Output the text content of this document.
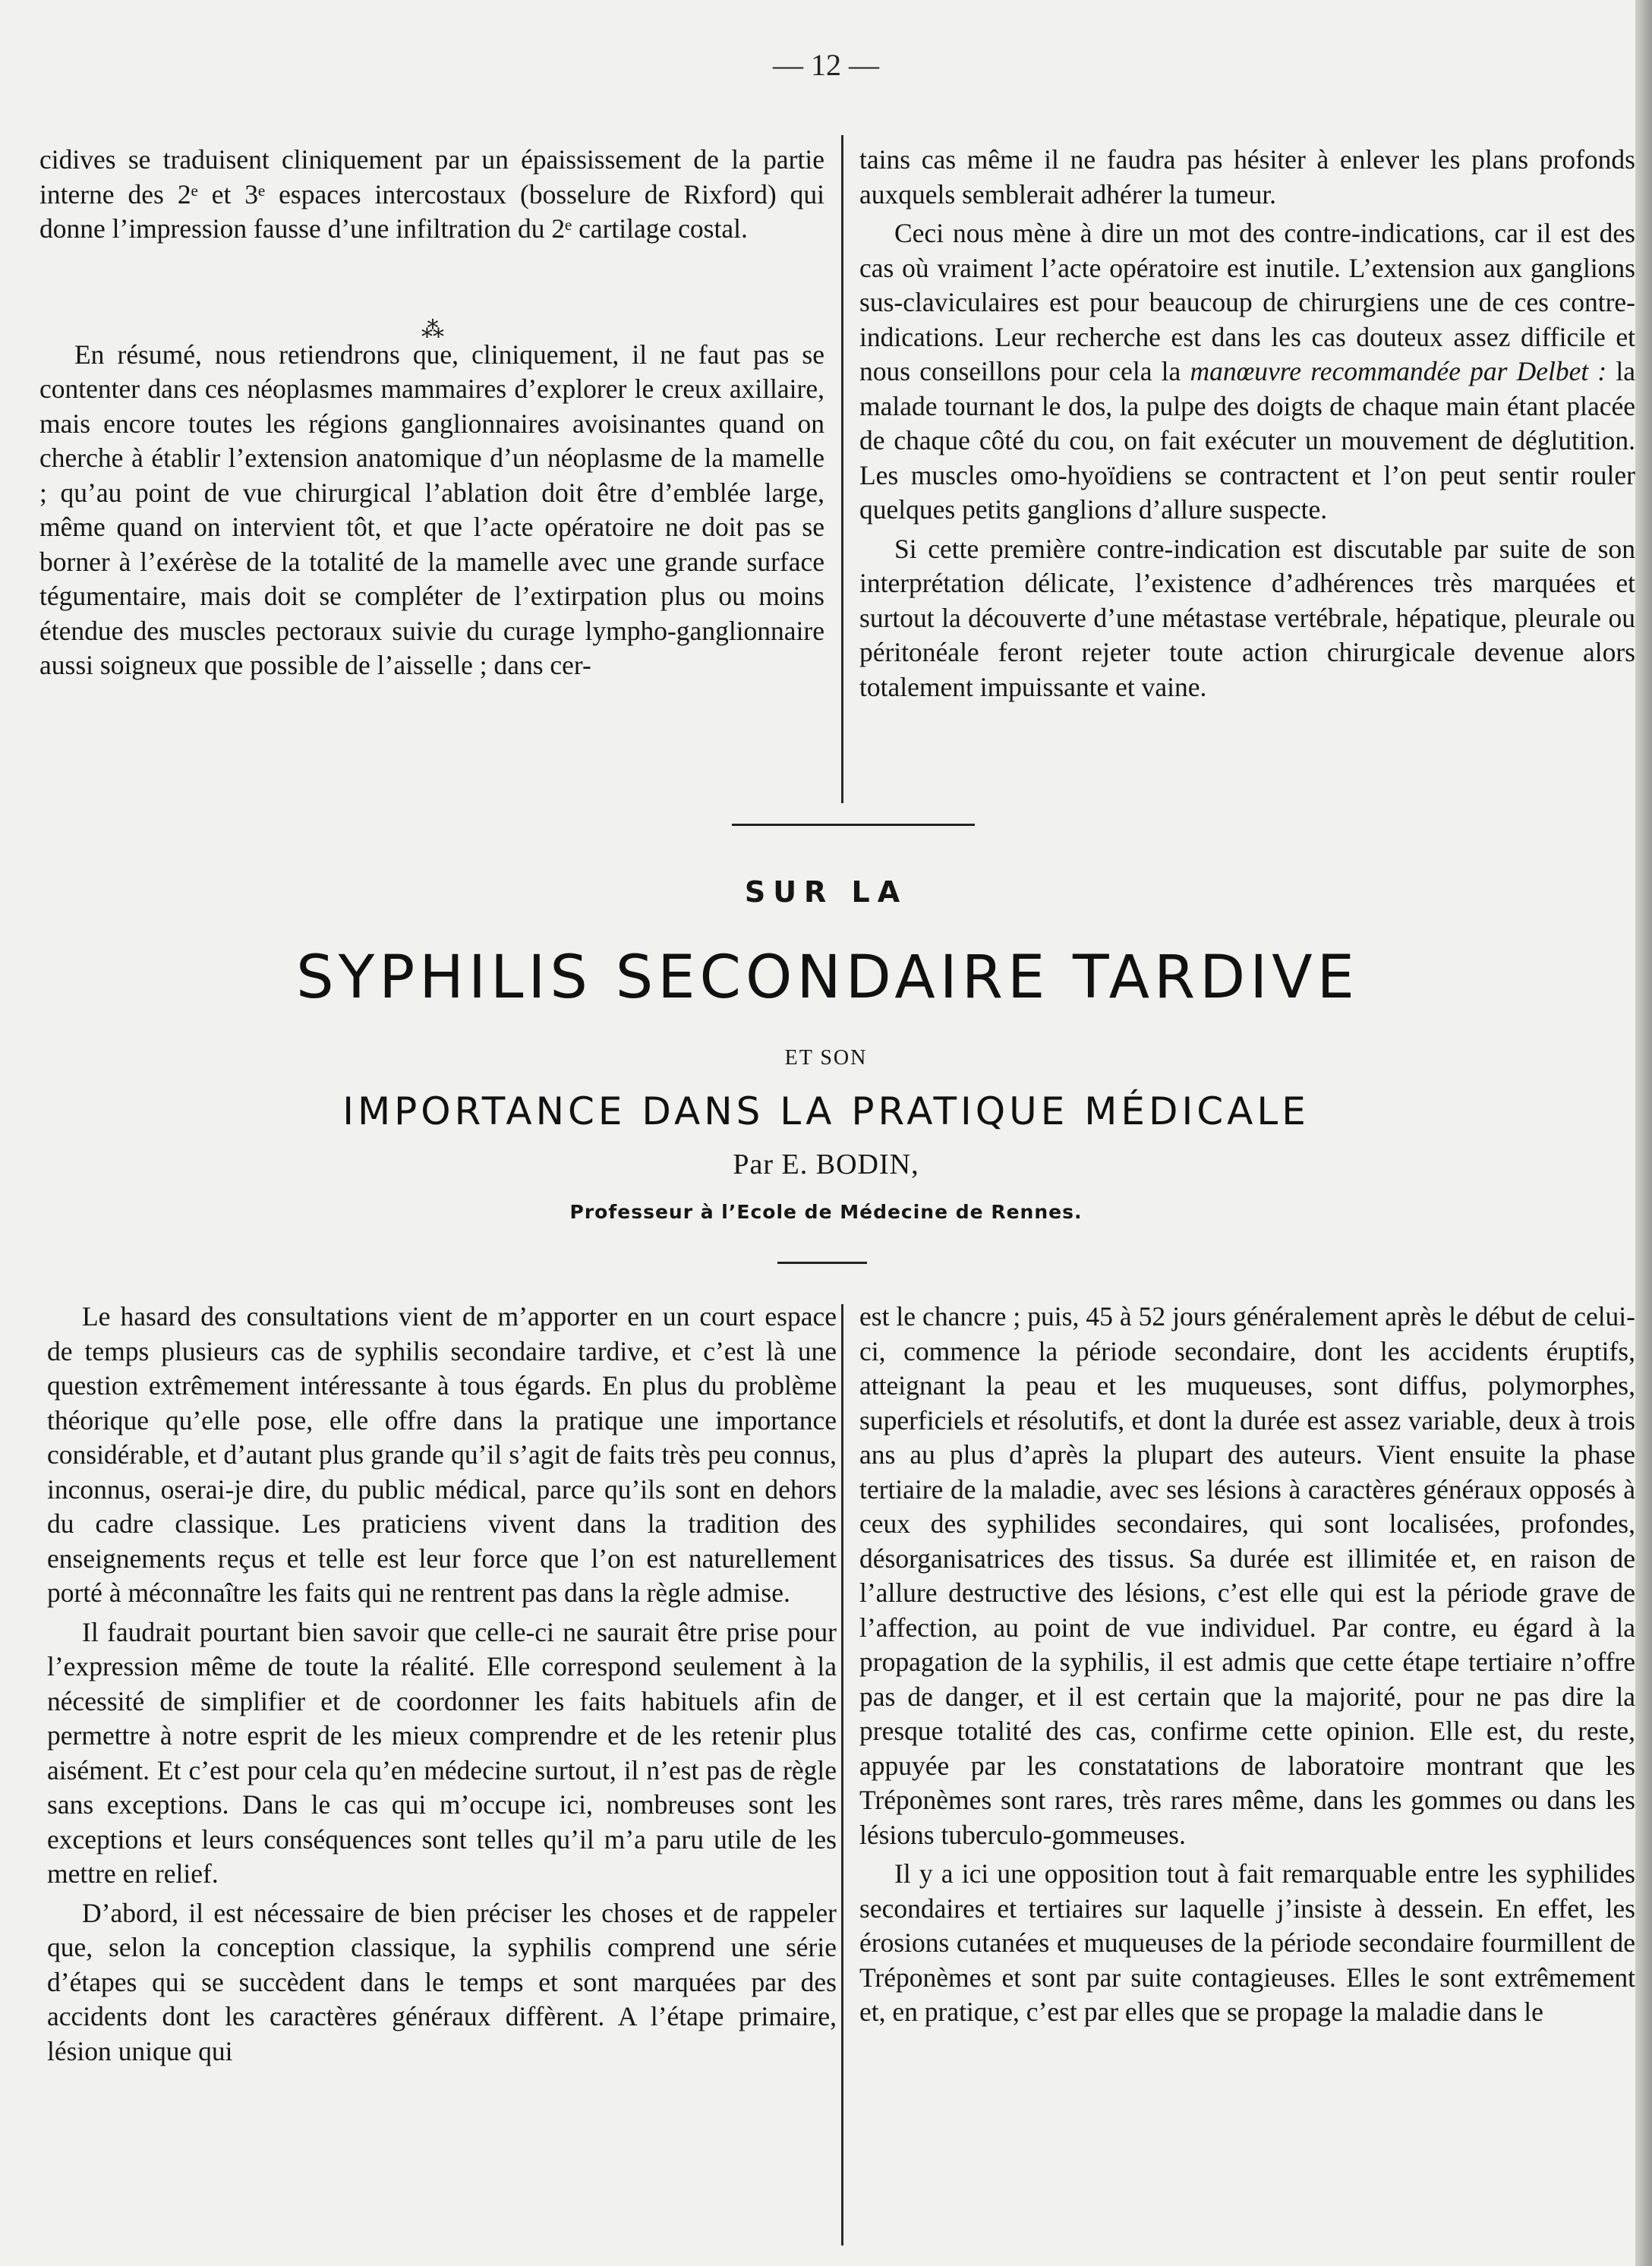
— 12 —

cidives se traduisent cliniquement par un épaississement de la partie interne des 2ᵉ et 3ᵉ espaces intercostaux (bosselure de Rixford) qui donne l’impression fausse d’une infiltration du 2ᵉ cartilage costal.

En résumé, nous retiendrons que, cliniquement, il ne faut pas se contenter dans ces néoplasmes mammaires d’explorer le creux axillaire, mais encore toutes les régions ganglionnaires avoisinantes quand on cherche à établir l’extension anatomique d’un néoplasme de la mamelle ; qu’au point de vue chirurgical l’ablation doit être d’emblée large, même quand on intervient tôt, et que l’acte opératoire ne doit pas se borner à l’exérèse de la totalité de la mamelle avec une grande surface tégumentaire, mais doit se compléter de l’extirpation plus ou moins étendue des muscles pectoraux suivie du curage lympho-ganglionnaire aussi soigneux que possible de l’aisselle ; dans cer-

⁂

tains cas même il ne faudra pas hésiter à enlever les plans profonds auxquels semblerait adhérer la tumeur.

Ceci nous mène à dire un mot des contre-indications, car il est des cas où vraiment l’acte opératoire est inutile. L’extension aux ganglions sus-claviculaires est pour beaucoup de chirurgiens une de ces contre-indications. Leur recherche est dans les cas douteux assez difficile et nous conseillons pour cela la manœuvre recommandée par Delbet : la malade tournant le dos, la pulpe des doigts de chaque main étant placée de chaque côté du cou, on fait exécuter un mouvement de déglutition. Les muscles omo-hyoïdiens se contractent et l’on peut sentir rouler quelques petits ganglions d’allure suspecte.

Si cette première contre-indication est discutable par suite de son interprétation délicate, l’existence d’adhérences très marquées et surtout la découverte d’une métastase vertébrale, hépatique, pleurale ou péritonéale feront rejeter toute action chirurgicale devenue alors totalement impuissante et vaine.

SUR LA
SYPHILIS SECONDAIRE TARDIVE
ET SON
IMPORTANCE DANS LA PRATIQUE MÉDICALE
Par E. BODIN,
Professeur à l’Ecole de Médecine de Rennes.

Le hasard des consultations vient de m’apporter en un court espace de temps plusieurs cas de syphilis secondaire tardive, et c’est là une question extrêmement intéressante à tous égards. En plus du problème théorique qu’elle pose, elle offre dans la pratique une importance considérable, et d’autant plus grande qu’il s’agit de faits très peu connus, inconnus, oserai-je dire, du public médical, parce qu’ils sont en dehors du cadre classique. Les praticiens vivent dans la tradition des enseignements reçus et telle est leur force que l’on est naturellement porté à méconnaître les faits qui ne rentrent pas dans la règle admise.

Il faudrait pourtant bien savoir que celle-ci ne saurait être prise pour l’expression même de toute la réalité. Elle correspond seulement à la nécessité de simplifier et de coordonner les faits habituels afin de permettre à notre esprit de les mieux comprendre et de les retenir plus aisément. Et c’est pour cela qu’en médecine surtout, il n’est pas de règle sans exceptions. Dans le cas qui m’occupe ici, nombreuses sont les exceptions et leurs conséquences sont telles qu’il m’a paru utile de les mettre en relief.

D’abord, il est nécessaire de bien préciser les choses et de rappeler que, selon la conception classique, la syphilis comprend une série d’étapes qui se succèdent dans le temps et sont marquées par des accidents dont les caractères généraux diffèrent. A l’étape primaire, lésion unique qui

est le chancre ; puis, 45 à 52 jours généralement après le début de celui-ci, commence la période secondaire, dont les accidents éruptifs, atteignant la peau et les muqueuses, sont diffus, polymorphes, superficiels et résolutifs, et dont la durée est assez variable, deux à trois ans au plus d’après la plupart des auteurs. Vient ensuite la phase tertiaire de la maladie, avec ses lésions à caractères généraux opposés à ceux des syphilides secondaires, qui sont localisées, profondes, désorganisatrices des tissus. Sa durée est illimitée et, en raison de l’allure destructive des lésions, c’est elle qui est la période grave de l’affection, au point de vue individuel. Par contre, eu égard à la propagation de la syphilis, il est admis que cette étape tertiaire n’offre pas de danger, et il est certain que la majorité, pour ne pas dire la presque totalité des cas, confirme cette opinion. Elle est, du reste, appuyée par les constatations de laboratoire montrant que les Tréponèmes sont rares, très rares même, dans les gommes ou dans les lésions tuberculo-gommeuses.

Il y a ici une opposition tout à fait remarquable entre les syphilides secondaires et tertiaires sur laquelle j’insiste à dessein. En effet, les érosions cutanées et muqueuses de la période secondaire fourmillent de Tréponèmes et sont par suite contagieuses. Elles le sont extrêmement et, en pratique, c’est par elles que se propage la maladie dans le
